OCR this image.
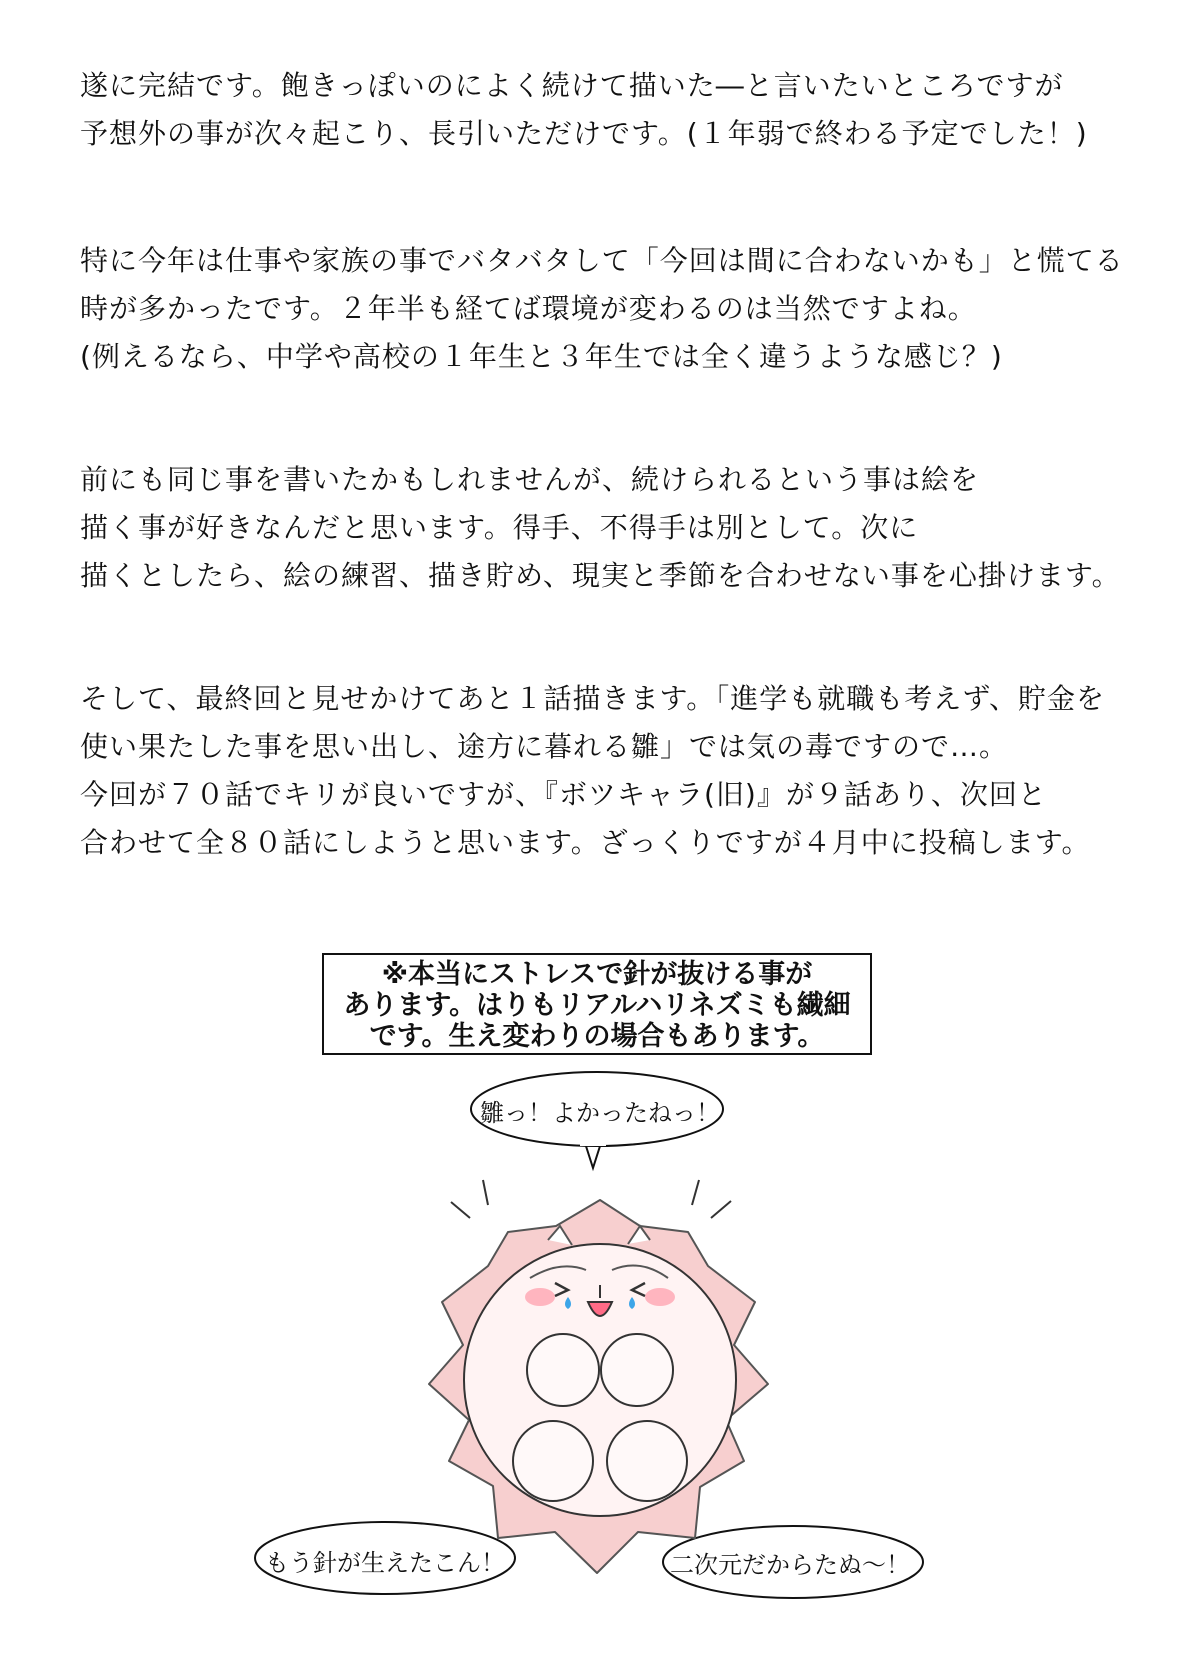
遂に完結です。飽きっぽいのによく続けて描いた―と言いたいところですが
予想外の事が次々起こり、長引いただけです。(１年弱で終わる予定でした！)
特に今年は仕事や家族の事でバタバタして「今回は間に合わないかも」と慌てる
時が多かったです。２年半も経てば環境が変わるのは当然ですよね。
(例えるなら、中学や高校の１年生と３年生では全く違うような感じ？)
前にも同じ事を書いたかもしれませんが、続けられるという事は絵を
描く事が好きなんだと思います。得手、不得手は別として。次に
描くとしたら、絵の練習、描き貯め、現実と季節を合わせない事を心掛けます。
そして、最終回と見せかけてあと１話描きます。「進学も就職も考えず、貯金を
使い果たした事を思い出し、途方に暮れる雛」では気の毒ですので…。
今回が７０話でキリが良いですが、『ボツキャラ(旧)』が９話あり、次回と
合わせて全８０話にしようと思います。ざっくりですが４月中に投稿します。
※本当にストレスで針が抜ける事が
あります。はりもリアルハリネズミも繊細
です。生え変わりの場合もあります。
雛っ！よかったねっ！
もう針が生えたこん！	二次元だからたぬ～！
